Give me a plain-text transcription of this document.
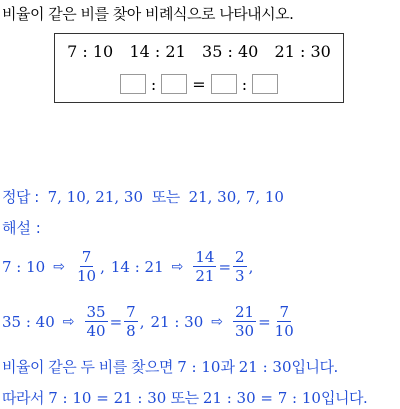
비율이 같은 비를 찾아 비례식으로 나타내시오.
7 : 10 14 : 21 35 : 40 21 : 30
: = :
정답 : 7, 10, 21, 30 또는 21, 30, 7, 10
해설 :
7 : 10 ⇨ $\frac{7}{10}$ , 14 : 21 ⇨ $\frac{14}{21} = \frac{2}{3}$ ,
35 : 40 ⇨ $\frac{35}{40} = \frac{7}{8}$ , 21 : 30 ⇨ $\frac{21}{30} = \frac{7}{10}$
비율이 같은 두 비를 찾으면 7 : 10과 21 : 30입니다.
따라서 7 : 10 = 21 : 30 또는 21 : 30 = 7 : 10입니다.
